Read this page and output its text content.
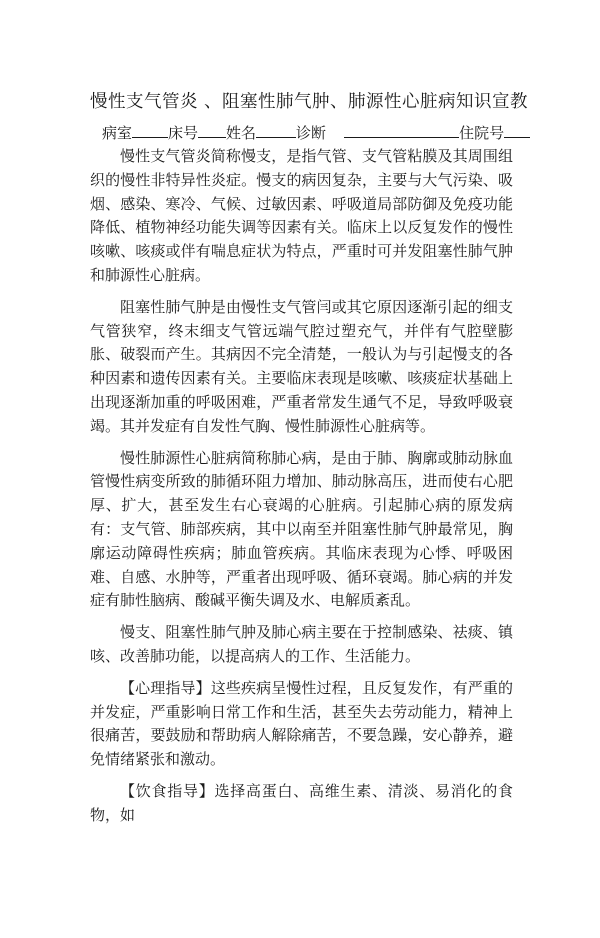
慢性支气管炎 、阻塞性肺气肿、肺源性心脏病知识宣教
病室 床号 姓名	诊断	住院号

慢性支气管炎简称慢支，是指气管、支气管粘膜及其周围组织的慢性非特异性炎症。慢支的病因复杂，主要与大气污染、吸烟、感染、寒冷、气候、过敏因素、呼吸道局部防御及免疫功能降低、植物神经功能失调等因素有关。临床上以反复发作的慢性咳嗽、咳痰或伴有喘息症状为特点，严重时可并发阻塞性肺气肿和肺源性心脏病。

阻塞性肺气肿是由慢性支气管闫或其它原因逐渐引起的细支气管狭窄，终末细支气管远端气腔过塑充气，并伴有气腔壁膨胀、破裂而产生。其病因不完全清楚，一般认为与引起慢支的各种因素和遗传因素有关。主要临床表现是咳嗽、咳痰症状基础上出现逐渐加重的呼吸困难，严重者常发生通气不足，导致呼吸衰竭。其并发症有自发性气胸、慢性肺源性心脏病等。

慢性肺源性心脏病简称肺心病，是由于肺、胸廓或肺动脉血管慢性病变所致的肺循环阻力增加、肺动脉高压，进而使右心肥厚、扩大，甚至发生右心衰竭的心脏病。引起肺心病的原发病有：支气管、肺部疾病，其中以南至并阻塞性肺气肿最常见，胸廓运动障碍性疾病；肺血管疾病。其临床表现为心悸、呼吸困难、自感、水肿等，严重者出现呼吸、循环衰竭。肺心病的并发症有肺性脑病、酸碱平衡失调及水、电解质紊乱。

慢支、阻塞性肺气肿及肺心病主要在于控制感染、祛痰、镇咳、改善肺功能，以提高病人的工作、生活能力。

【心理指导】这些疾病呈慢性过程，且反复发作，有严重的并发症，严重影响日常工作和生活，甚至失去劳动能力，精神上很痛苦，要鼓励和帮助病人解除痛苦，不要急躁，安心静养，避免情绪紧张和激动。

【饮食指导】选择高蛋白、高维生素、清淡、易消化的食物，如
